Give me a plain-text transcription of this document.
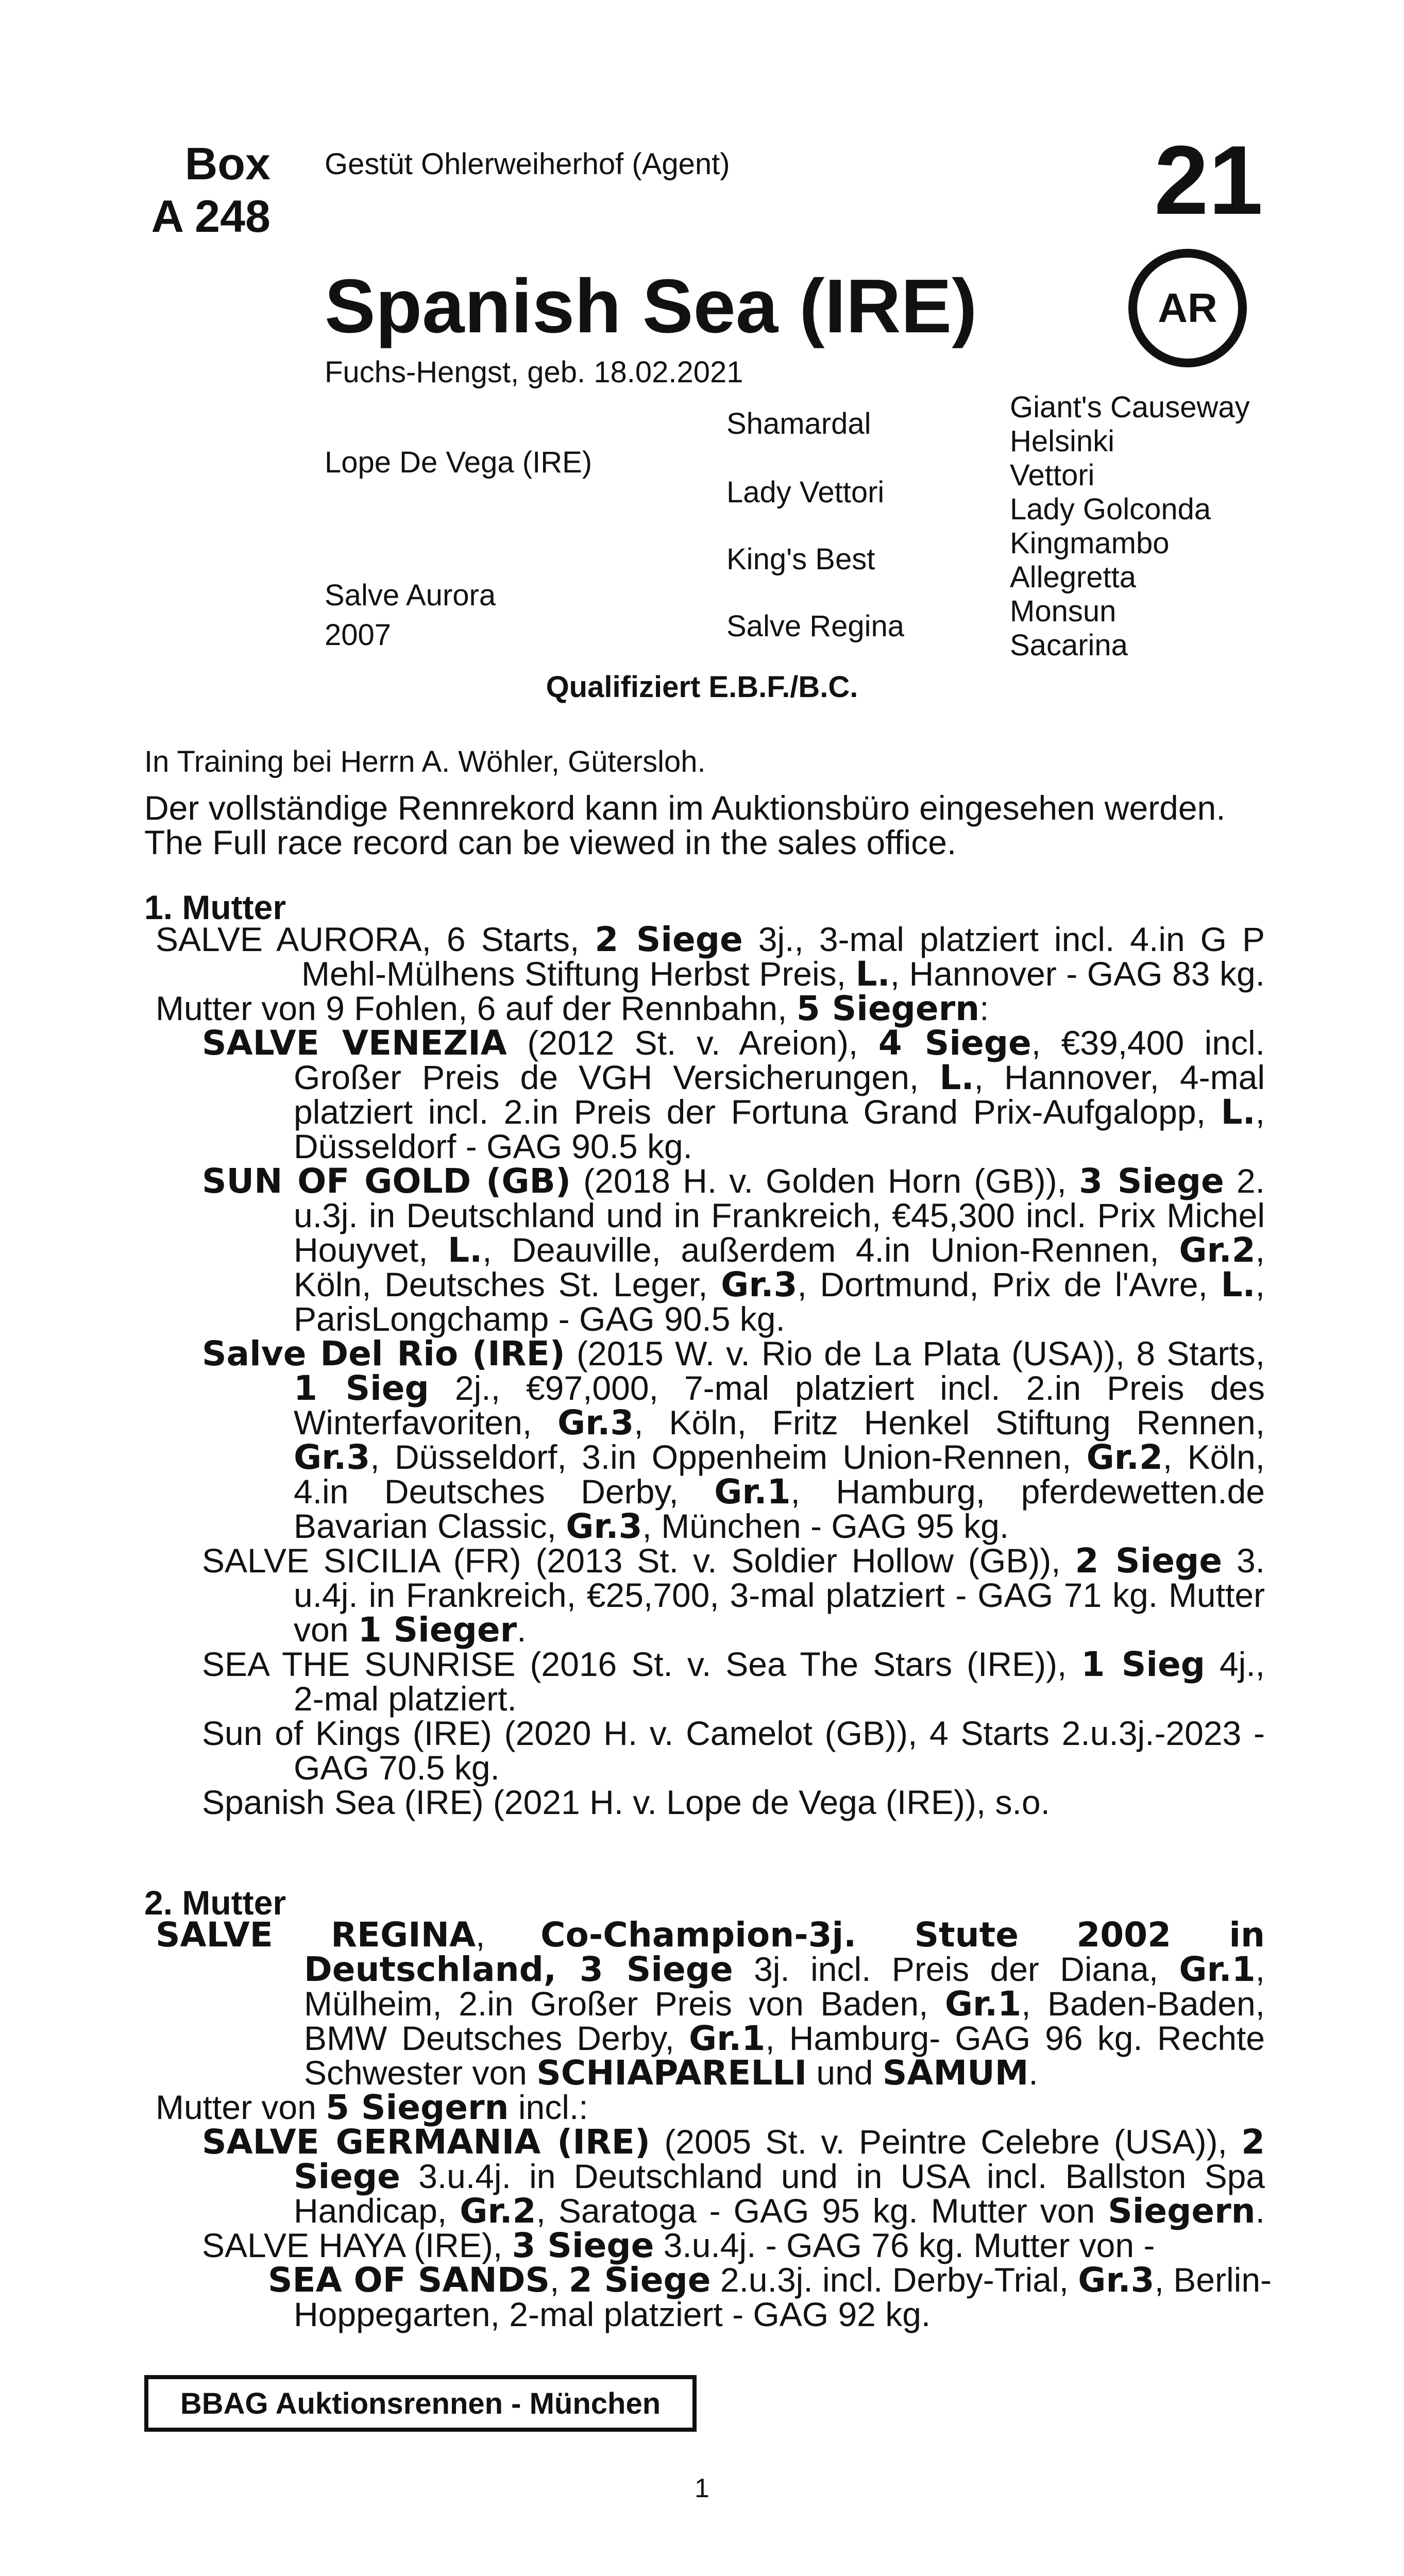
Box
A 248
Gestüt Ohlerweiherhof (Agent)	21
Spanish Sea (IRE)	AR
Fuchs-Hengst, geb. 18.02.2021
Lope De Vega (IRE)
Salve Aurora
2007
Shamardal
Lady Vettori
King's Best
Salve Regina
Giant's Causeway
Helsinki
Vettori
Lady Golconda
Kingmambo
Allegretta
Monsun
Sacarina
Qualifiziert E.B.F./B.C.
In Training bei Herrn A. Wöhler, Gütersloh.
Der vollständige Rennrekord kann im Auktionsbüro eingesehen werden.
The Full race record can be viewed in the sales office.
1. Mutter
SALVE AURORA, 6 Starts, 2 Siege 3j., 3-mal platziert incl. 4.in G P
Mehl-Mülhens Stiftung Herbst Preis, L., Hannover - GAG 83 kg.
Mutter von 9 Fohlen, 6 auf der Rennbahn, 5 Siegern:
SALVE VENEZIA (2012 St. v. Areion), 4 Siege, €39,400 incl.
Großer Preis de VGH Versicherungen, L., Hannover, 4-mal
platziert incl. 2.in Preis der Fortuna Grand Prix-Aufgalopp, L.,
Düsseldorf - GAG 90.5 kg.
SUN OF GOLD (GB) (2018 H. v. Golden Horn (GB)), 3 Siege 2.
u.3j. in Deutschland und in Frankreich, €45,300 incl. Prix Michel
Houyvet, L., Deauville, außerdem 4.in Union-Rennen, Gr.2,
Köln, Deutsches St. Leger, Gr.3, Dortmund, Prix de l'Avre, L.,
ParisLongchamp - GAG 90.5 kg.
Salve Del Rio (IRE) (2015 W. v. Rio de La Plata (USA)), 8 Starts,
1 Sieg 2j., €97,000, 7-mal platziert incl. 2.in Preis des
Winterfavoriten, Gr.3, Köln, Fritz Henkel Stiftung Rennen,
Gr.3, Düsseldorf, 3.in Oppenheim Union-Rennen, Gr.2, Köln,
4.in Deutsches Derby, Gr.1, Hamburg, pferdewetten.de
Bavarian Classic, Gr.3, München - GAG 95 kg.
SALVE SICILIA (FR) (2013 St. v. Soldier Hollow (GB)), 2 Siege 3.
u.4j. in Frankreich, €25,700, 3-mal platziert - GAG 71 kg. Mutter
von 1 Sieger.
SEA THE SUNRISE (2016 St. v. Sea The Stars (IRE)), 1 Sieg 4j.,
2-mal platziert.
Sun of Kings (IRE) (2020 H. v. Camelot (GB)), 4 Starts 2.u.3j.-2023 -
GAG 70.5 kg.
Spanish Sea (IRE) (2021 H. v. Lope de Vega (IRE)), s.o.
2. Mutter
SALVE REGINA, Co-Champion-3j. Stute 2002 in
Deutschland, 3 Siege 3j. incl. Preis der Diana, Gr.1,
Mülheim, 2.in Großer Preis von Baden, Gr.1, Baden-Baden,
BMW Deutsches Derby, Gr.1, Hamburg- GAG 96 kg. Rechte
Schwester von SCHIAPARELLI und SAMUM.
Mutter von 5 Siegern incl.:
SALVE GERMANIA (IRE) (2005 St. v. Peintre Celebre (USA)), 2
Siege 3.u.4j. in Deutschland und in USA incl. Ballston Spa
Handicap, Gr.2, Saratoga - GAG 95 kg. Mutter von Siegern.
SALVE HAYA (IRE), 3 Siege 3.u.4j. - GAG 76 kg. Mutter von -
SEA OF SANDS, 2 Siege 2.u.3j. incl. Derby-Trial, Gr.3, Berlin-
Hoppegarten, 2-mal platziert - GAG 92 kg.
BBAG Auktionsrennen - München
1
